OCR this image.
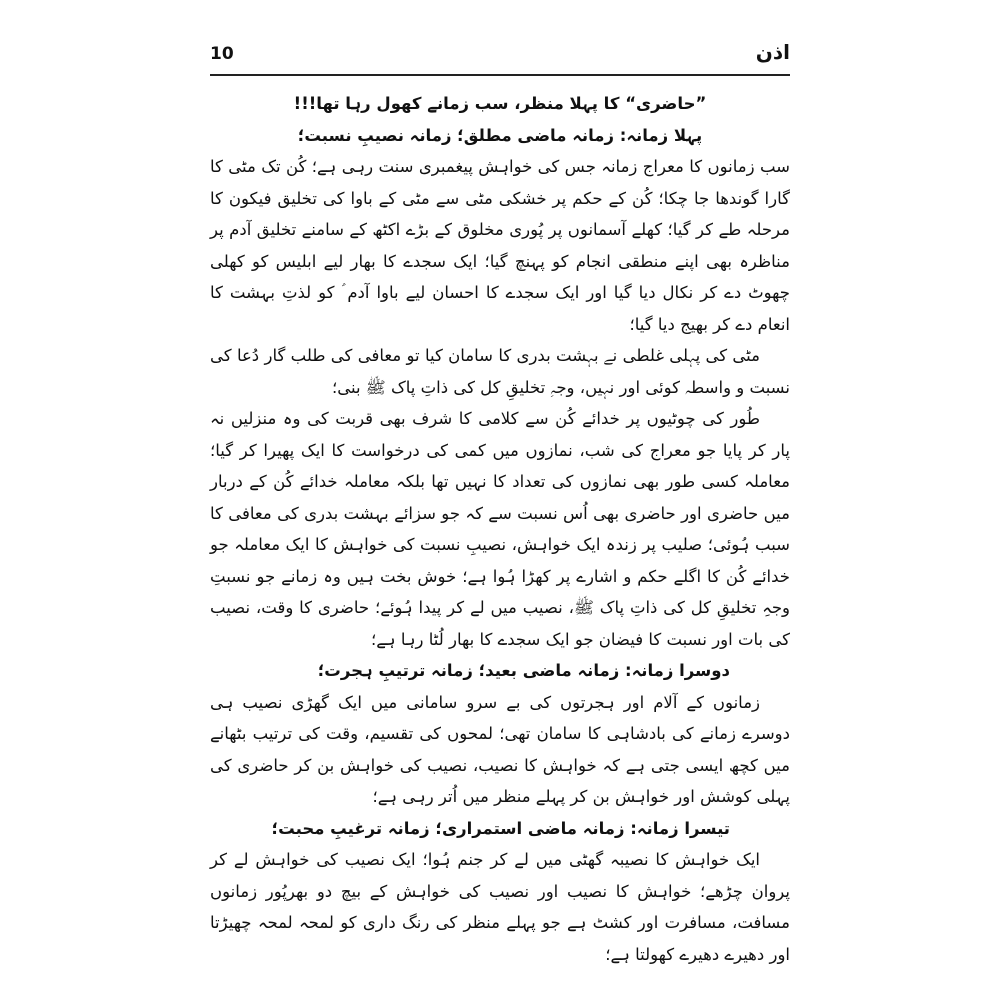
10	اذن

”حاضری“ کا پہلا منظر، سب زمانے کھول رہا تھا!!!

پہلا زمانہ: زمانہ ماضی مطلق؛ زمانہ نصیبِ نسبت؛

سب زمانوں کا معراج زمانہ جس کی خواہش پیغمبری سنت رہی ہے؛ کُن تک مٹی کا گارا گوندھا جا چکا؛ کُن کے حکم پر خشکی مٹی سے مٹی کے باوا کی تخلیق فیکون کا مرحلہ طے کر گیا؛ کھلے آسمانوں پر پُوری مخلوق کے بڑے اکٹھ کے سامنے تخلیق آدم پر مناظرہ بھی اپنے منطقی انجام کو پہنچ گیا؛ ایک سجدے کا بھار لیے ابلیس کو کھلی چھوٹ دے کر نکال دیا گیا اور ایک سجدے کا احسان لیے باوا آدم ؑ کو لذتِ بہشت کا انعام دے کر بھیج دیا گیا؛

مٹی کی پہلی غلطی نے بہشت بدری کا سامان کیا تو معافی کی طلب گار دُعا کی نسبت و واسطہ کوئی اور نہیں، وجہِ تخلیقِ کل کی ذاتِ پاک ﷺ بنی؛

طُور کی چوٹیوں پر خدائے کُن سے کلامی کا شرف بھی قربت کی وہ منزلیں نہ پار کر پایا جو معراج کی شب، نمازوں میں کمی کی درخواست کا ایک پھیرا کر گیا؛ معاملہ کسی طور بھی نمازوں کی تعداد کا نہیں تھا بلکہ معاملہ خدائے کُن کے دربار میں حاضری اور حاضری بھی اُس نسبت سے کہ جو سزائے بہشت بدری کی معافی کا سبب ہُوئی؛ صلیب پر زندہ ایک خواہش، نصیبِ نسبت کی خواہش کا ایک معاملہ جو خدائے کُن کا اگلے حکم و اشارے پر کھڑا ہُوا ہے؛ خوش بخت ہیں وہ زمانے جو نسبتِ وجہِ تخلیقِ کل کی ذاتِ پاک ﷺ، نصیب میں لے کر پیدا ہُوئے؛ حاضری کا وقت، نصیب کی بات اور نسبت کا فیضان جو ایک سجدے کا بھار لُٹا رہا ہے؛

دوسرا زمانہ: زمانہ ماضی بعید؛ زمانہ ترتیبِ ہجرت؛

زمانوں کے آلام اور ہجرتوں کی بے سرو سامانی میں ایک گھڑی نصیب ہی دوسرے زمانے کی بادشاہی کا سامان تھی؛ لمحوں کی تقسیم، وقت کی ترتیب بٹھانے میں کچھ ایسی جتی ہے کہ خواہش کا نصیب، نصیب کی خواہش بن کر حاضری کی پہلی کوشش اور خواہش بن کر پہلے منظر میں اُتر رہی ہے؛

تیسرا زمانہ: زمانہ ماضی استمراری؛ زمانہ ترغیبِ محبت؛

ایک خواہش کا نصیبہ گھٹی میں لے کر جنم ہُوا؛ ایک نصیب کی خواہش لے کر پروان چڑھے؛ خواہش کا نصیب اور نصیب کی خواہش کے بیچ دو بھرپُور زمانوں مسافت، مسافرت اور کشٹ ہے جو پہلے منظر کی رنگ داری کو لمحہ لمحہ چھیڑتا اور دھیرے دھیرے کھولتا ہے؛
